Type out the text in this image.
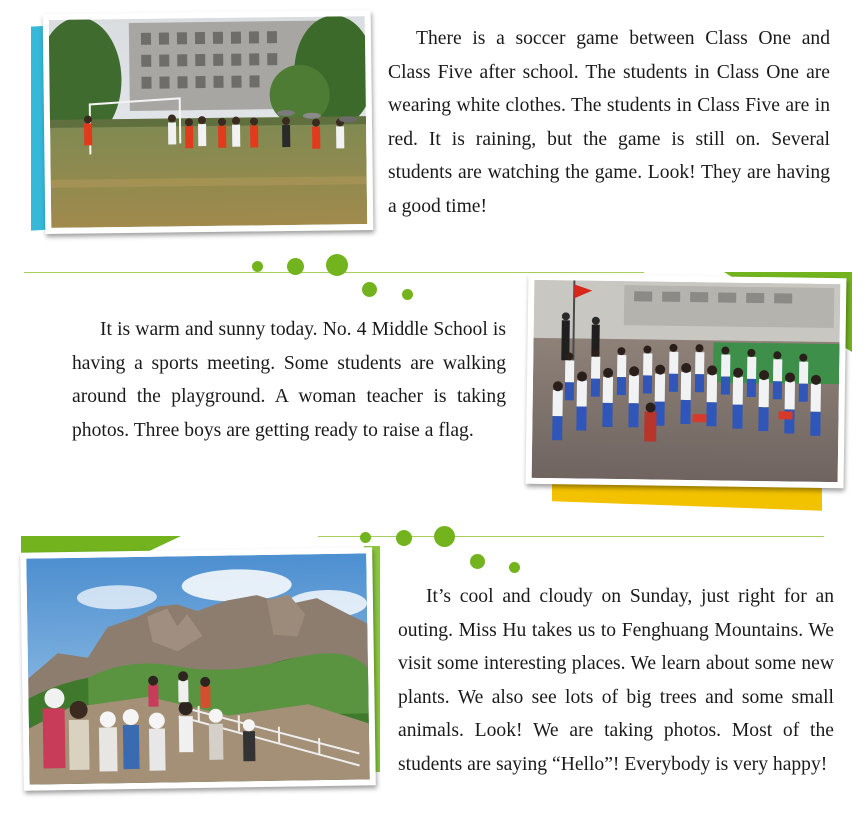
There is a soccer game between Class One and Class Five after school. The students in Class One are wearing white clothes. The students in Class Five are in red. It is raining, but the game is still on. Several students are watching the game. Look! They are having a good time!

It is warm and sunny today. No. 4 Middle School is having a sports meeting. Some students are walking around the playground. A woman teacher is taking photos. Three boys are getting ready to raise a flag.

It’s cool and cloudy on Sunday, just right for an outing. Miss Hu takes us to Fenghuang Mountains. We visit some interesting places. We learn about some new plants. We also see lots of big trees and some small animals. Look! We are taking photos. Most of the students are saying “Hello”! Everybody is very happy!
